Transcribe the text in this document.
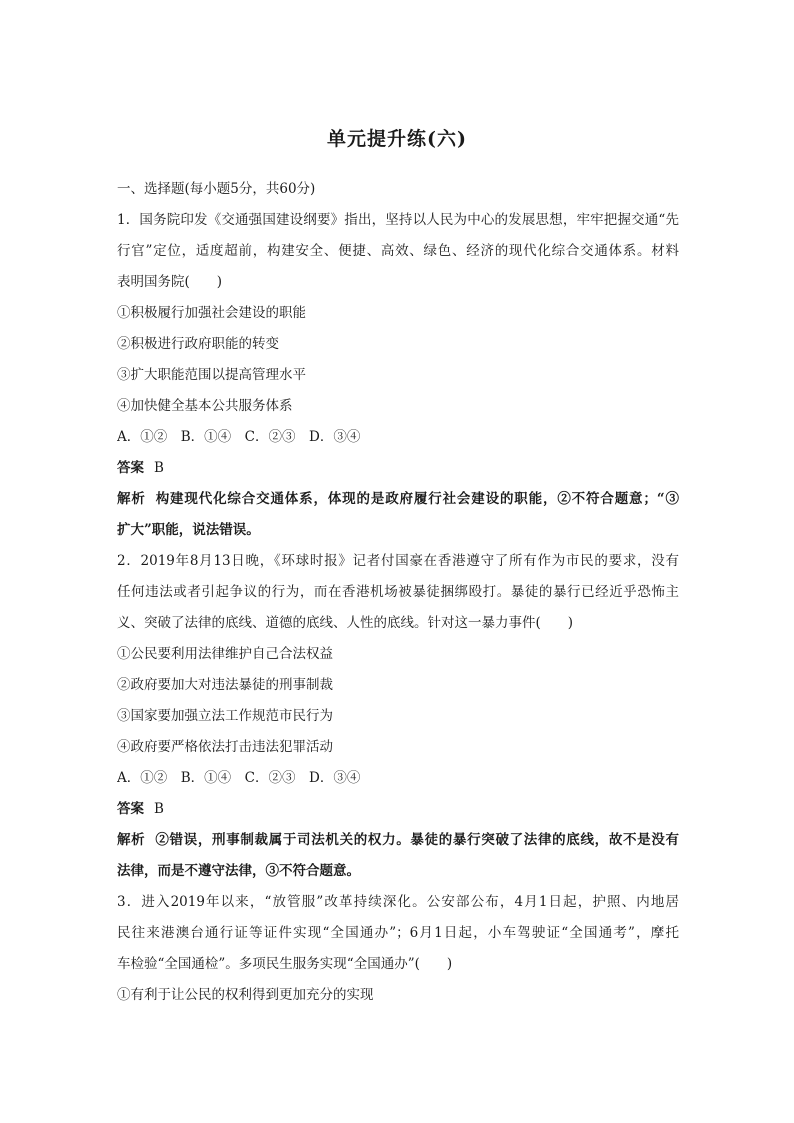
单元提升练(六)
一、选择题(每小题5分，共60分)
1．国务院印发《交通强国建设纲要》指出，坚持以人民为中心的发展思想，牢牢把握交通“先
行官”定位，适度超前，构建安全、便捷、高效、绿色、经济的现代化综合交通体系。材料
表明国务院(　　)
①积极履行加强社会建设的职能
②积极进行政府职能的转变
③扩大职能范围以提高管理水平
④加快健全基本公共服务体系
A．①②　B．①④　C．②③　D．③④
答案 B
解析 构建现代化综合交通体系，体现的是政府履行社会建设的职能，②不符合题意；“③
扩大”职能，说法错误。
2．2019年8月13日晚，《环球时报》记者付国豪在香港遵守了所有作为市民的要求，没有
任何违法或者引起争议的行为，而在香港机场被暴徒捆绑殴打。暴徒的暴行已经近乎恐怖主
义、突破了法律的底线、道德的底线、人性的底线。针对这一暴力事件(　　)
①公民要利用法律维护自己合法权益
②政府要加大对违法暴徒的刑事制裁
③国家要加强立法工作规范市民行为
④政府要严格依法打击违法犯罪活动
A．①②　B．①④　C．②③　D．③④
答案 B
解析 ②错误，刑事制裁属于司法机关的权力。暴徒的暴行突破了法律的底线，故不是没有
法律，而是不遵守法律，③不符合题意。
3．进入2019年以来，“放管服”改革持续深化。公安部公布，4月1日起，护照、内地居
民往来港澳台通行证等证件实现“全国通办”；6月1日起，小车驾驶证“全国通考”，摩托
车检验“全国通检”。多项民生服务实现“全国通办”(　　)
①有利于让公民的权利得到更加充分的实现
